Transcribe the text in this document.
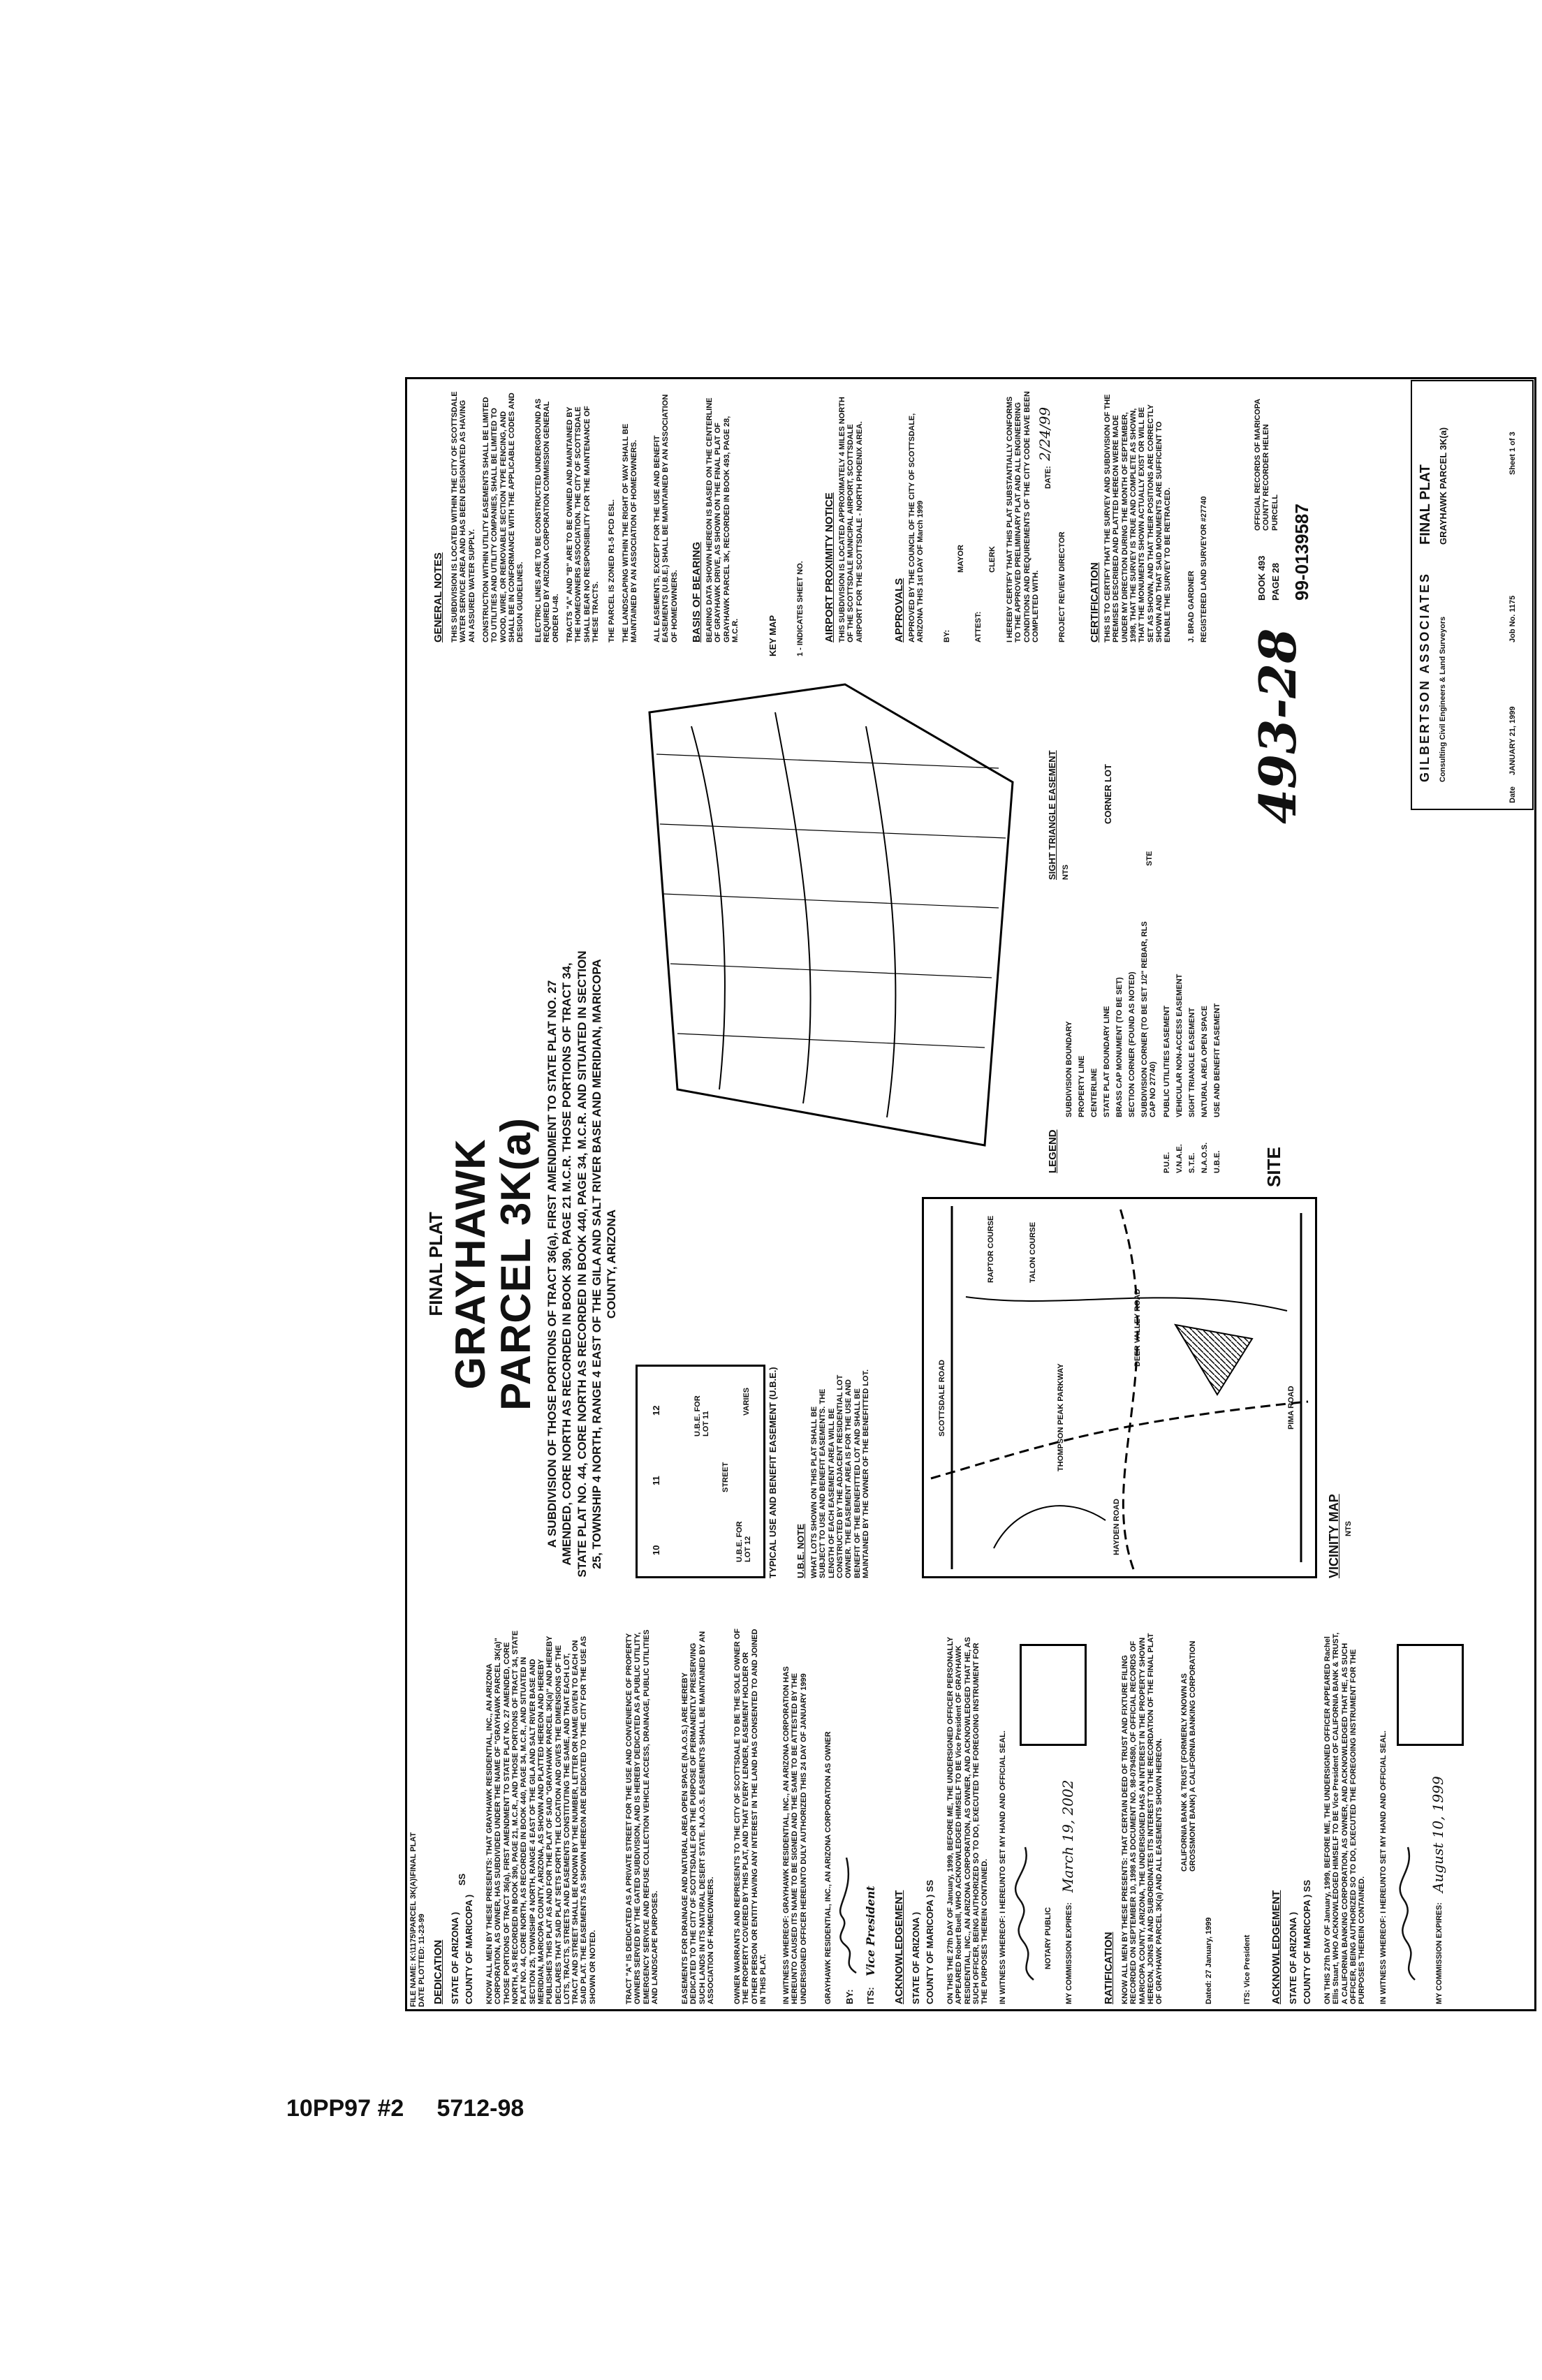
FILE NAME: K:\1175\PARCEL 3K(A)\FINAL PLAT
DATE PLOTTED: 11-23-99
DEDICATION STATE OF ARIZONA )
SS
COUNTY OF MARICOPA ) KNOW ALL MEN BY THESE PRESENTS: THAT GRAYHAWK RESIDENTIAL, INC., AN ARIZONA CORPORATION, AS OWNER, HAS SUBDIVIDED UNDER THE NAME OF "GRAYHAWK PARCEL 3K(a)" THOSE PORTIONS OF TRACT 36(a), FIRST AMENDMENT TO STATE PLAT NO. 27 AMENDED, CORE NORTH, AS RECORDED IN BOOK 390, PAGE 21, M.C.R., AND THOSE PORTIONS OF TRACT 34, STATE PLAT NO. 44, CORE NORTH, AS RECORDED IN BOOK 440, PAGE 34, M.C.R., AND SITUATED IN SECTION 25, TOWNSHIP 4 NORTH, RANGE 4 EAST OF THE GILA AND SALT RIVER BASE AND MERIDIAN, MARICOPA COUNTY, ARIZONA, AS SHOWN AND PLATTED HEREON AND HEREBY PUBLISHES THIS PLAT AS AND FOR THE PLAT OF SAID "GRAYHAWK PARCEL 3K(a)" AND HEREBY DECLARES THAT SAID PLAT SETS FORTH THE LOCATION AND GIVES THE DIMENSIONS OF THE LOTS, TRACTS, STREETS AND EASEMENTS CONSTITUTING THE SAME, AND THAT EACH LOT, TRACT AND STREET SHALL BE KNOWN BY THE NUMBER, LETTER OR NAME GIVEN TO EACH ON SAID PLAT. THE EASEMENTS AS SHOWN HEREON ARE DEDICATED TO THE CITY FOR THE USE AS SHOWN OR NOTED.	TRACT "A" IS DEDICATED AS A PRIVATE STREET FOR THE USE AND CONVENIENCE OF PROPERTY OWNERS SERVED BY THE GATED SUBDIVISION, AND IS HEREBY DEDICATED AS A PUBLIC UTILITY, EMERGENCY SERVICE AND REFUSE COLLECTION VEHICLE ACCESS, DRAINAGE, PUBLIC UTILITIES AND LANDSCAPE PURPOSES.	EASEMENTS FOR DRAINAGE AND NATURAL AREA OPEN SPACE (N.A.O.S.) ARE HEREBY DEDICATED TO THE CITY OF SCOTTSDALE FOR THE PURPOSE OF PERMANENTLY PRESERVING SUCH LANDS IN ITS NATURAL DESERT STATE. N.A.O.S. EASEMENTS SHALL BE MAINTAINED BY AN ASSOCIATION OF HOMEOWNERS. OWNER WARRANTS AND REPRESENTS TO THE CITY OF SCOTTSDALE TO BE THE SOLE OWNER OF THE PROPERTY COVERED BY THIS PLAT, AND THAT EVERY LENDER, EASEMENT HOLDER OR OTHER PERSON OR ENTITY HAVING ANY INTEREST IN THE LAND HAS CONSENTED TO AND JOINED IN THIS PLAT. IN WITNESS WHEREOF: GRAYHAWK RESIDENTIAL, INC., AN ARIZONA CORPORATION HAS HEREUNTO CAUSED ITS NAME TO BE SIGNED AND THE SAME TO BE ATTESTED BY THE UNDERSIGNED OFFICER HEREUNTO DULY AUTHORIZED THIS 24 DAY OF JANUARY 1999 GRAYHAWK RESIDENTIAL, INC., AN ARIZONA CORPORATION AS OWNER BY: ITS:
Vice President ACKNOWLEDGEMENT STATE OF ARIZONA ) COUNTY OF MARICOPA ) SS ON THIS THE 27th DAY OF January, 1999, BEFORE ME, THE UNDERSIGNED OFFICER PERSONALLY APPEARED Robert Buell, WHO ACKNOWLEDGED HIMSELF TO BE Vice President OF GRAYHAWK RESIDENTIAL, INC., AN ARIZONA CORPORATION, AS OWNER, AND ACKNOWLEDGED THAT HE, AS SUCH OFFICER, BEING AUTHORIZED SO TO DO, EXECUTED THE FOREGOING INSTRUMENT FOR THE PURPOSES THEREIN CONTAINED. IN WITNESS WHEREOF: I HEREUNTO SET MY HAND AND OFFICIAL SEAL.	NOTARY PUBLIC MY COMMISSION EXPIRES:
March 19, 2002
RATIFICATION KNOW ALL MEN BY THESE PRESENTS: THAT CERTAIN DEED OF TRUST AND FIXTURE FILING RECORDED ON SEPTEMBER 10, 1998 AS DOCUMENT NO. 98-0794580, OF OFFICIAL RECORDS OF MARICOPA COUNTY, ARIZONA, THE UNDERSIGNED HAS AN INTEREST IN THE PROPERTY SHOWN HEREON, JOINS IN AND SUBORDINATES ITS INTEREST TO THE RECORDATION OF THE FINAL PLAT OF GRAYHAWK PARCEL 3K(a) AND ALL EASEMENTS SHOWN HEREON. CALIFORNIA BANK & TRUST (FORMERLY KNOWN AS GROSSMONT BANK) A CALIFORNIA BANKING CORPORATION
Dated: 27 January, 1999	ITS: Vice President ACKNOWLEDGEMENT STATE OF ARIZONA ) COUNTY OF MARICOPA ) SS ON THIS 27th DAY OF January, 1999, BEFORE ME, THE UNDERSIGNED OFFICER APPEARED Rachel Ellis Stuart, WHO ACKNOWLEDGED HIMSELF TO BE Vice President OF CALIFORNIA BANK & TRUST, A CALIFORNIA BANKING CORPORATION, AS OWNER, AND ACKNOWLEDGED THAT HE, AS SUCH OFFICER, BEING AUTHORIZED SO TO DO, EXECUTED THE FOREGOING INSTRUMENT FOR THE PURPOSES THEREIN CONTAINED. IN WITNESS WHEREOF: I HEREUNTO SET MY HAND AND OFFICIAL SEAL.	MY COMMISSION EXPIRES:
August 10, 1999
FINAL PLAT GRAYHAWK
PARCEL 3K(a) A SUBDIVISION OF THOSE PORTIONS OF TRACT 36(a), FIRST AMENDMENT TO STATE PLAT NO. 27 AMENDED, CORE NORTH AS RECORDED IN BOOK 390, PAGE 21 M.C.R. THOSE PORTIONS OF TRACT 34, STATE PLAT NO. 44, CORE NORTH AS RECORDED IN BOOK 440, PAGE 34, M.C.R. AND SITUATED IN SECTION 25, TOWNSHIP 4 NORTH, RANGE 4 EAST OF THE GILA AND SALT RIVER BASE AND MERIDIAN, MARICOPA COUNTY, ARIZONA
10
11
12
STREET
U.B.E. FOR LOT 12
U.B.E. FOR LOT 11
VARIES TYPICAL USE AND BENEFIT EASEMENT (U.B.E.) U.B.E. NOTE WHAT LOTS SHOWN ON THIS PLAT SHALL BE SUBJECT TO USE AND BENEFIT EASEMENTS. THE LENGTH OF EACH EASEMENT AREA WILL BE CONSTRUCTED BY THE ADJACENT RESIDENTIAL LOT OWNER. THE EASEMENT AREA IS FOR THE USE AND BENEFIT OF THE BENEFITTED LOT AND SHALL BE MAINTAINED BY THE OWNER OF THE BENEFITTED LOT.	SCOTTSDALE ROAD	PIMA ROAD
HAYDEN ROAD
DEER VALLEY ROAD
THOMPSON PEAK PARKWAY
TALON COURSE
RAPTOR COURSE
VICINITY MAP NTS
SITE
KEY MAP 1 - INDICATES SHEET NO.
LEGEND
SUBDIVISION BOUNDARY PROPERTY LINE CENTERLINE STATE PLAT BOUNDARY LINE BRASS CAP MONUMENT (TO BE SET) SECTION CORNER (FOUND AS NOTED) SUBDIVISION CORNER (TO BE SET 1/2" REBAR, RLS CAP NO 27740) PUBLIC UTILITIES EASEMENT VEHICULAR NON-ACCESS EASEMENT SIGHT TRIANGLE EASEMENT NATURAL AREA OPEN SPACE USE AND BENEFIT EASEMENT
P.U.E. V.N.A.E. S.T.E. N.A.O.S. U.B.E.
SIGHT TRIANGLE EASEMENT NTS
CORNER LOT
STE
GENERAL NOTES THIS SUBDIVISION IS LOCATED WITHIN THE CITY OF SCOTTSDALE WATER SERVICE AREA AND HAS BEEN DESIGNATED AS HAVING AN ASSURED WATER SUPPLY. CONSTRUCTION WITHIN UTILITY EASEMENTS SHALL BE LIMITED TO UTILITIES AND UTILITY COMPANIES, SHALL BE LIMITED TO WOOD, WIRE, OR REMOVABLE SECTION TYPE FENCING, AND SHALL BE IN CONFORMANCE WITH THE APPLICABLE CODES AND DESIGN GUIDELINES. ELECTRIC LINES ARE TO BE CONSTRUCTED UNDERGROUND AS REQUIRED BY ARIZONA CORPORATION COMMISSION GENERAL ORDER U-48. TRACTS "A" AND "B" ARE TO BE OWNED AND MAINTAINED BY THE HOMEOWNERS ASSOCIATION. THE CITY OF SCOTTSDALE SHALL BEAR NO RESPONSIBILITY FOR THE MAINTENANCE OF THESE TRACTS. THE PARCEL IS ZONED R1-5 PCD ESL. THE LANDSCAPING WITHIN THE RIGHT OF WAY SHALL BE MAINTAINED BY AN ASSOCIATION OF HOMEOWNERS. ALL EASEMENTS, EXCEPT FOR THE USE AND BENEFIT EASEMENTS (U.B.E.) SHALL BE MAINTAINED BY AN ASSOCIATION OF HOMEOWNERS. BASIS OF BEARING BEARING DATA SHOWN HEREON IS BASED ON THE CENTERLINE OF GRAYHAWK DRIVE, AS SHOWN ON THE FINAL PLAT OF GRAYHAWK PARCEL 3K, RECORDED IN BOOK 493, PAGE 28, M.C.R.	AIRPORT PROXIMITY NOTICE THIS SUBDIVISION IS LOCATED APPROXIMATELY 4 MILES NORTH OF THE SCOTTSDALE MUNICIPAL AIRPORT, SCOTTSDALE AIRPORT FOR THE SCOTTSDALE - NORTH PHOENIX AREA.	APPROVALS APPROVED BY THE COUNCIL OF THE CITY OF SCOTTSDALE, ARIZONA THIS 1st DAY OF March 1999 BY:
MAYOR
ATTEST:
CLERK I HEREBY CERTIFY THAT THIS PLAT SUBSTANTIALLY CONFORMS TO THE APPROVED PRELIMINARY PLAT AND ALL ENGINEERING CONDITIONS AND REQUIREMENTS OF THE CITY CODE HAVE BEEN COMPLETED WITH. PROJECT REVIEW DIRECTOR
DATE:
2/24/99
CERTIFICATION THIS IS TO CERTIFY THAT THE SURVEY AND SUBDIVISION OF THE PREMISES DESCRIBED AND PLATTED HEREON WERE MADE UNDER MY DIRECTION DURING THE MONTH OF SEPTEMBER, 1998, THAT THE SURVEY IS TRUE AND COMPLETE AS SHOWN, THAT THE MONUMENTS SHOWN ACTUALLY EXIST OR WILL BE SET AS SHOWN, AND THAT THEIR POSITIONS ARE CORRECTLY SHOWN AND THAT SAID MONUMENTS ARE SUFFICIENT TO ENABLE THE SURVEY TO BE RETRACED. J. BRAD GARDNER REGISTERED LAND SURVEYOR #27740
493-28
BOOK 493 PAGE 28 99-0139587
OFFICIAL RECORDS OF MARICOPA COUNTY RECORDER HELEN PURCELL
GILBERTSON ASSOCIATES Consulting Civil Engineers & Land Surveyors
FINAL PLAT GRAYHAWK PARCEL 3K(a)
Date
JANUARY 21, 1999
Job No. 1175
Sheet 1 of 3
10PP97 #2     5712-98
